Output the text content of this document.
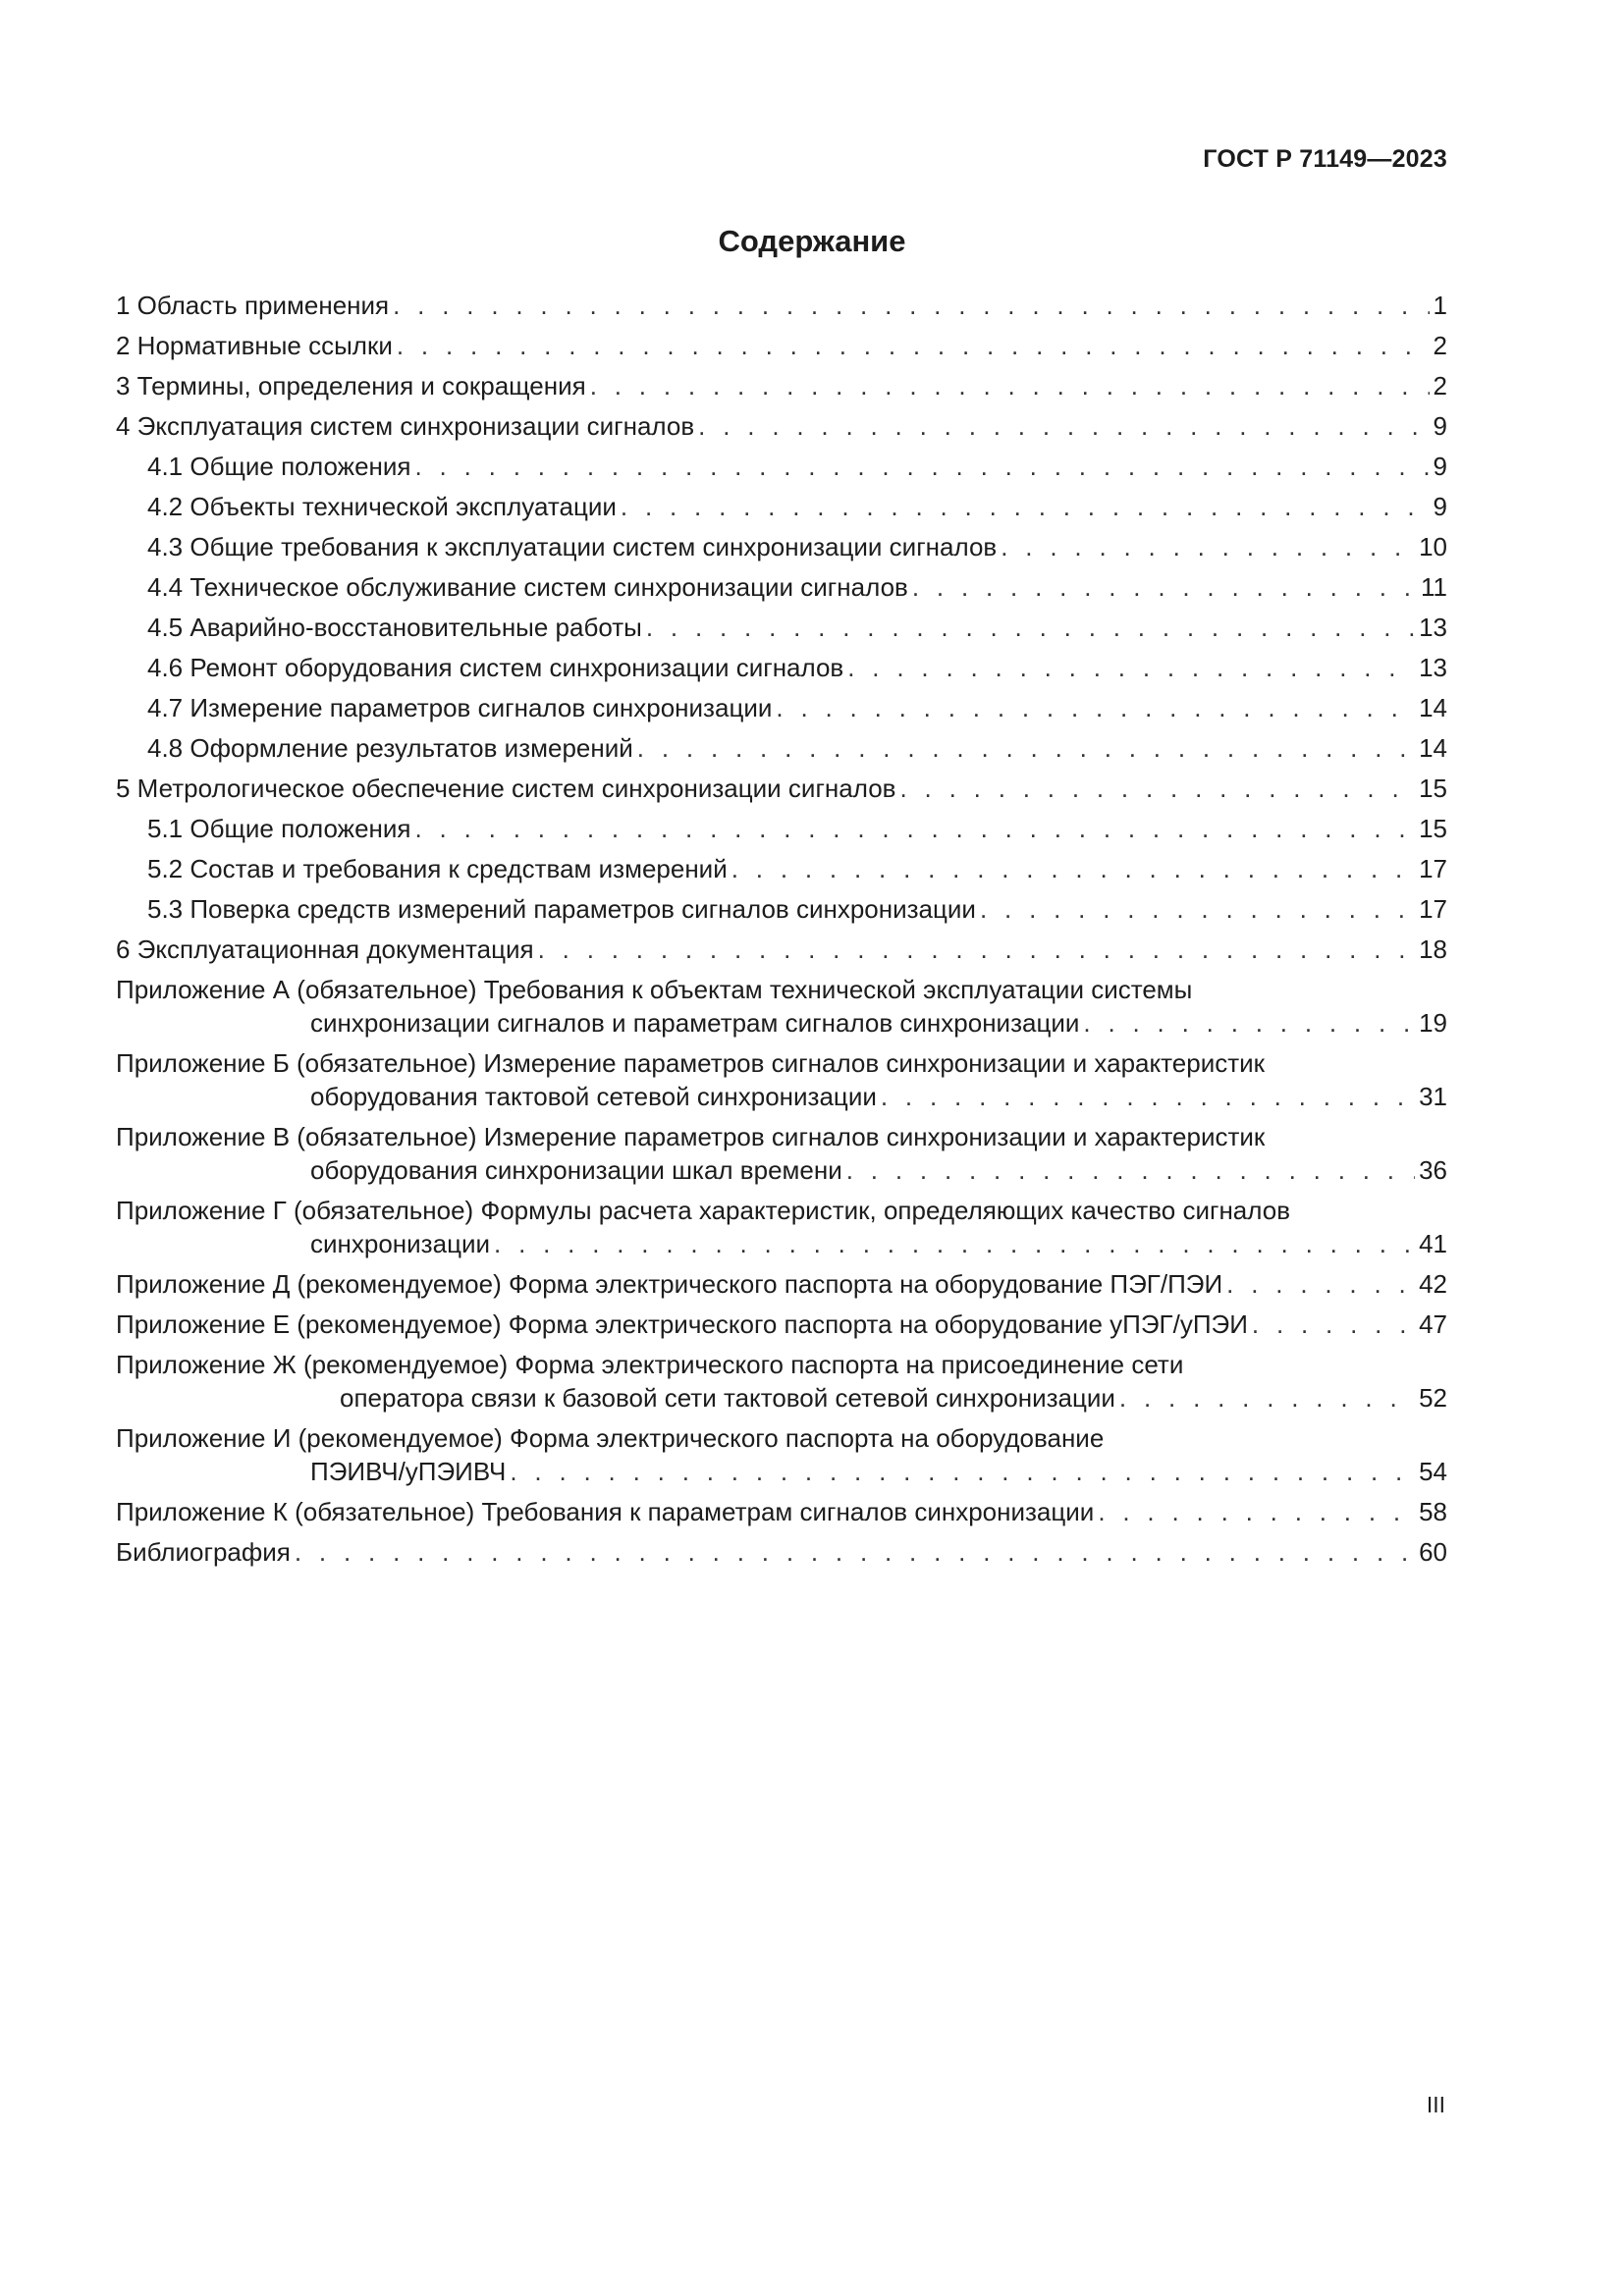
ГОСТ Р 71149—2023
Содержание
1 Область применения . . .	1
2 Нормативные ссылки . . .	2
3 Термины, определения и сокращения . . .	2
4 Эксплуатация систем синхронизации сигналов . . .	9
4.1 Общие положения . . .	9
4.2 Объекты технической эксплуатации . . .	9
4.3 Общие требования к эксплуатации систем синхронизации сигналов . . .	10
4.4 Техническое обслуживание систем синхронизации сигналов . . .	11
4.5 Аварийно-восстановительные работы . . .	13
4.6 Ремонт оборудования систем синхронизации сигналов . . .	13
4.7 Измерение параметров сигналов синхронизации . . .	14
4.8 Оформление результатов измерений . . .	14
5 Метрологическое обеспечение систем синхронизации сигналов . . .	15
5.1 Общие положения . . .	15
5.2 Состав и требования к средствам измерений . . .	17
5.3 Поверка средств измерений параметров сигналов синхронизации . . .	17
6 Эксплуатационная документация . . .	18
Приложение А (обязательное) Требования к объектам технической эксплуатации системы
синхронизации сигналов и параметрам сигналов синхронизации . . .	19
Приложение Б (обязательное) Измерение параметров сигналов синхронизации и характеристик
оборудования тактовой сетевой синхронизации . . .	31
Приложение В (обязательное) Измерение параметров сигналов синхронизации и характеристик
оборудования синхронизации шкал времени . . .	36
Приложение Г (обязательное) Формулы расчета характеристик, определяющих качество сигналов
синхронизации . . .	41
Приложение Д (рекомендуемое) Форма электрического паспорта на оборудование ПЭГ/ПЭИ . . .	42
Приложение Е (рекомендуемое) Форма электрического паспорта на оборудование уПЭГ/уПЭИ . . .	47
Приложение Ж (рекомендуемое) Форма электрического паспорта на присоединение сети
оператора связи к базовой сети тактовой сетевой синхронизации . . .	52
Приложение И (рекомендуемое) Форма электрического паспорта на оборудование
ПЭИВЧ/уПЭИВЧ . . .	54
Приложение К (обязательное) Требования к параметрам сигналов синхронизации . . .	58
Библиография . . .	60
III
